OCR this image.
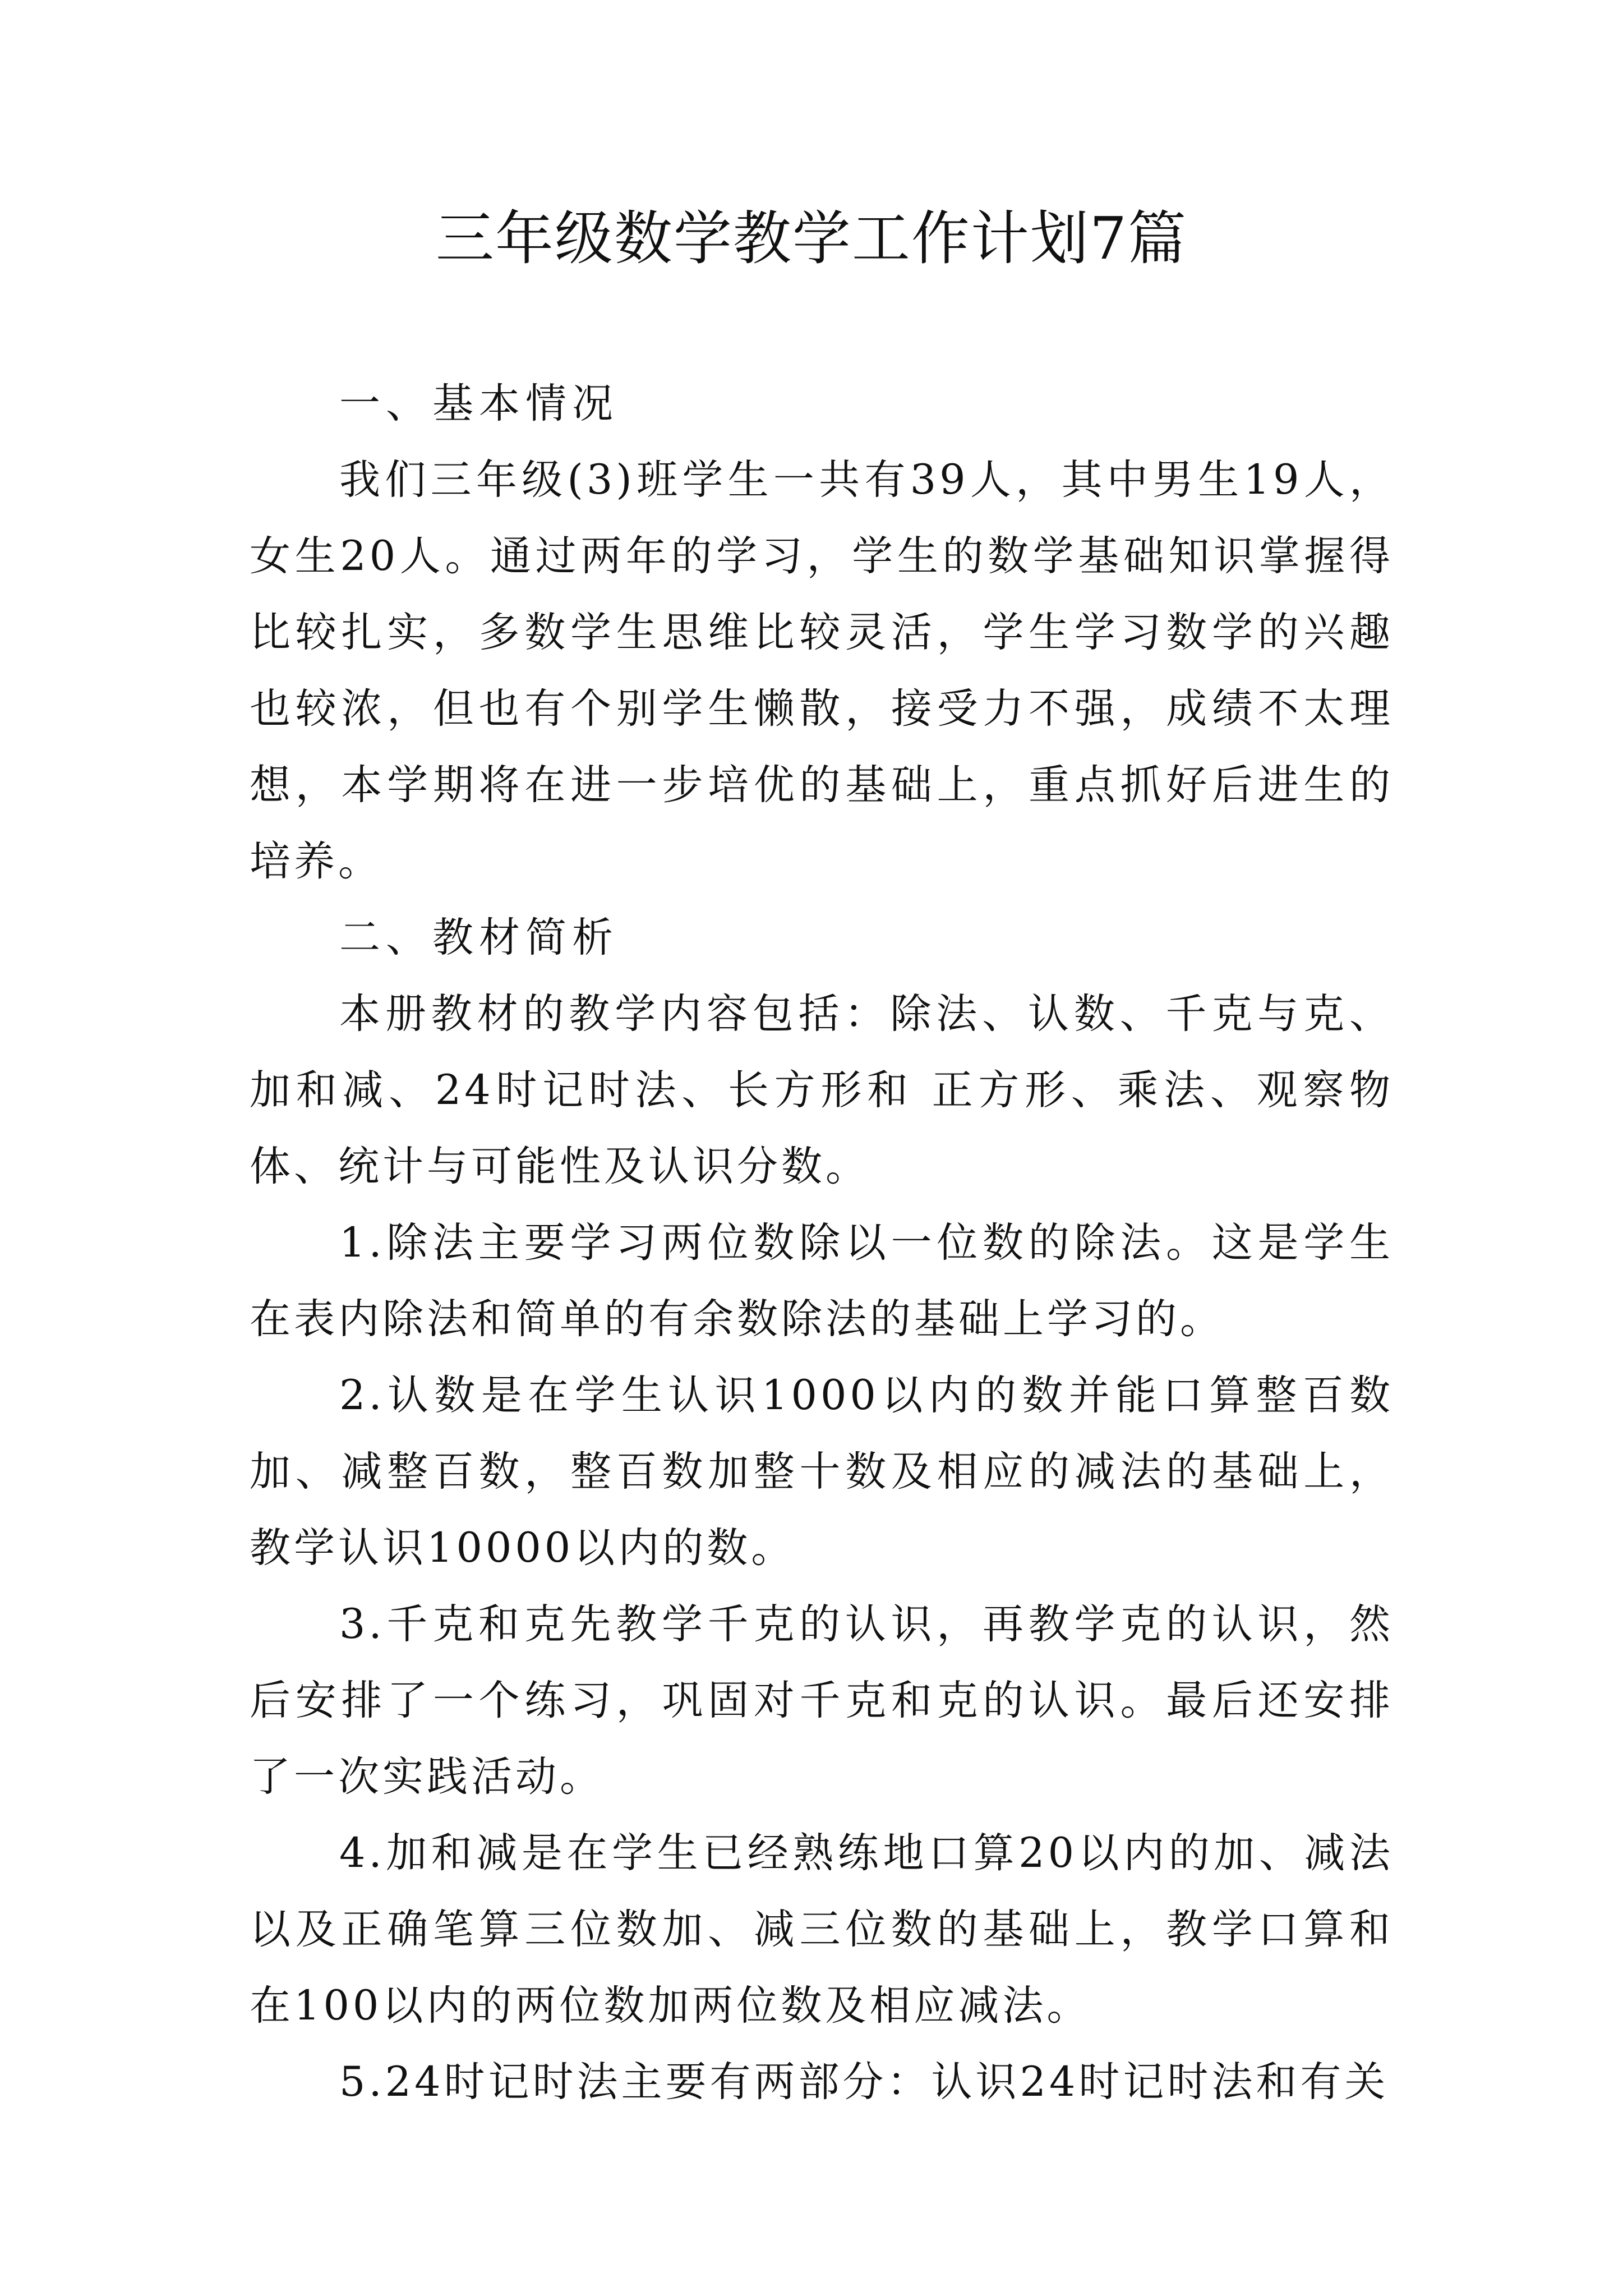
三年级数学教学工作计划7篇

一、基本情况

我们三年级(3)班学生一共有39人，其中男生19人，女生20人。通过两年的学习，学生的数学基础知识掌握得比较扎实，多数学生思维比较灵活，学生学习数学的兴趣也较浓，但也有个别学生懒散，接受力不强，成绩不太理想，本学期将在进一步培优的基础上，重点抓好后进生的培养。

二、教材简析

本册教材的教学内容包括：除法、认数、千克与克、加和减、24时记时法、长方形和 正方形、乘法、观察物体、统计与可能性及认识分数。

1.除法主要学习两位数除以一位数的除法。这是学生在表内除法和简单的有余数除法的基础上学习的。

2.认数是在学生认识1000以内的数并能口算整百数加、减整百数，整百数加整十数及相应的减法的基础上，教学认识10000以内的数。

3.千克和克先教学千克的认识，再教学克的认识，然后安排了一个练习，巩固对千克和克的认识。最后还安排了一次实践活动。

4.加和减是在学生已经熟练地口算20以内的加、减法以及正确笔算三位数加、减三位数的基础上，教学口算和在100以内的两位数加两位数及相应减法。

5.24时记时法主要有两部分：认识24时记时法和有关
